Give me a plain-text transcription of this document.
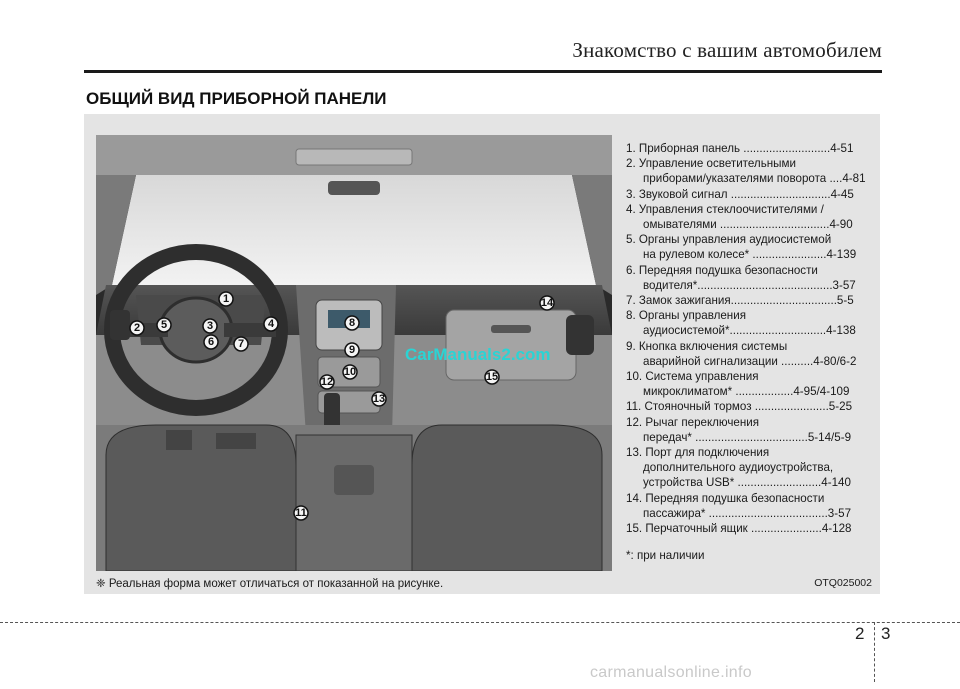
Знакомство с вашим автомобилем
ОБЩИЙ ВИД ПРИБОРНОЙ ПАНЕЛИ
1
2	3	4
5
6 7
8
9
10
11
12
13
14
15
CarManuals2.com
1. Приборная панель ...........................4-51
2. Управление осветительными
приборами/указателями поворота ....4-81
3. Звуковой сигнал ...............................4-45
4. Управления стеклоочистителями /
омывателями ..................................4-90
5. Органы управления аудиосистемой
на рулевом колесе* .......................4-139
6. Передняя подушка безопасности
водителя*..........................................3-57
7. Замок зажигания.................................5-5
8. Органы управления
аудиосистемой*..............................4-138
9. Кнопка включения системы
аварийной сигнализации ..........4-80/6-2
10. Система управления
микроклиматом* ..................4-95/4-109
11. Стояночный тормоз .......................5-25
12. Рычаг переключения
передач* ...................................5-14/5-9
13. Порт для подключения
дополнительного аудиоустройства,
устройства USB* ..........................4-140
14. Передняя подушка безопасности
пассажира* .....................................3-57
15. Перчаточный ящик ......................4-128
*: при наличии
❈ Реальная форма может отличаться от показанной на рисунке.	OTQ025002
2 3
carmanualsonline.info
